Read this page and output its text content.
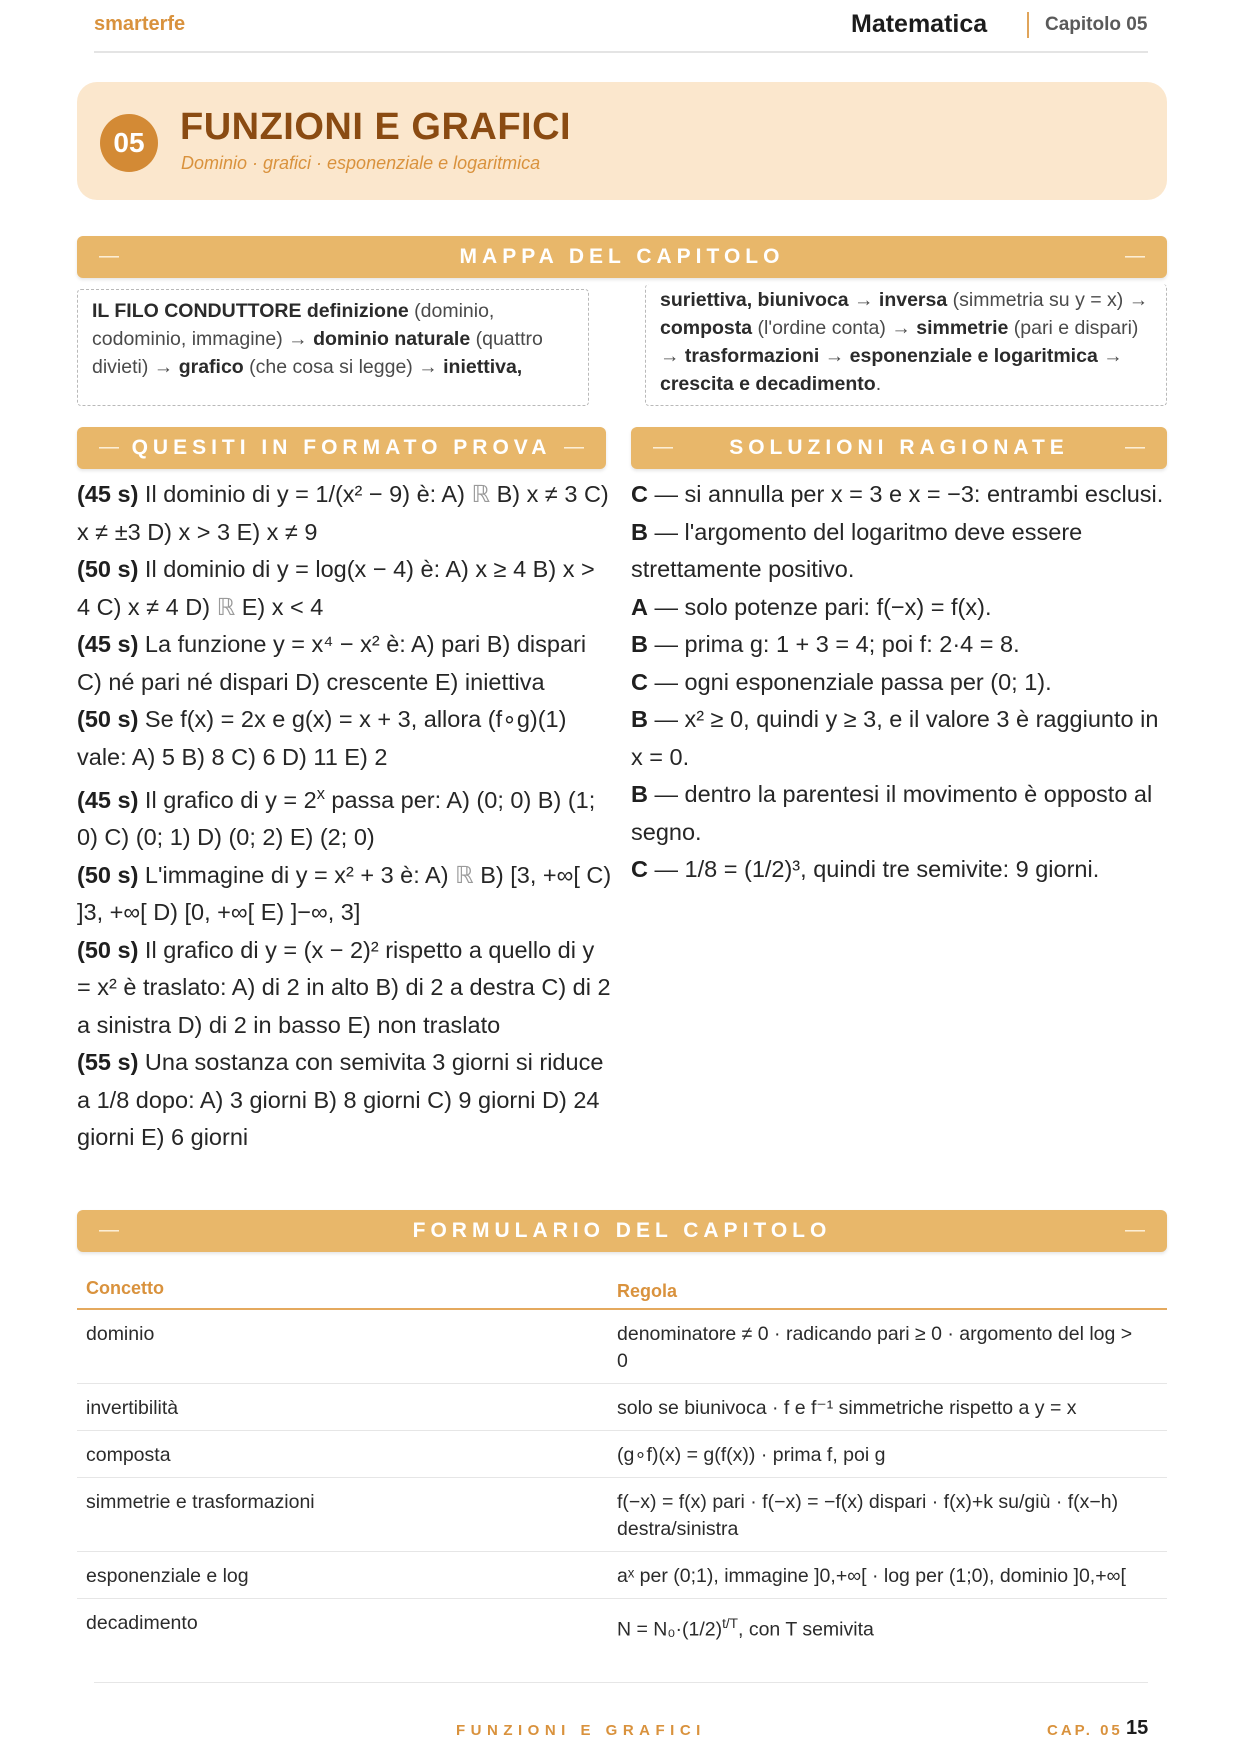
smarterfe	Matematica	Capitolo 05
05 FUNZIONI E GRAFICI
Dominio · grafici · esponenziale e logaritmica
—	MAPPA DEL CAPITOLO	—
IL FILO CONDUTTORE definizione (dominio, codominio, immagine) → dominio naturale (quattro divieti) → grafico (che cosa si legge) → iniettiva,
suriettiva, biunivoca → inversa (simmetria su y = x) → composta (l'ordine conta) → simmetrie (pari e dispari) → trasformazioni → esponenziale e logaritmica → crescita e decadimento.
— QUESITI IN FORMATO PROVA —	—	SOLUZIONI RAGIONATE	—

(45 s) Il dominio di y = 1/(x² − 9) è: A) ℝ B) x ≠ 3 C) x ≠ ±3 D) x > 3 E) x ≠ 9

(50 s) Il dominio di y = log(x − 4) è: A) x ≥ 4 B) x > 4 C) x ≠ 4 D) ℝ E) x < 4

(45 s) La funzione y = x⁴ − x² è: A) pari B) dispari C) né pari né dispari D) crescente E) iniettiva

(50 s) Se f(x) = 2x e g(x) = x + 3, allora (f∘g)(1) vale: A) 5 B) 8 C) 6 D) 11 E) 2

(45 s) Il grafico di $y = 2^x$ passa per: A) (0; 0) B) (1; 0) C) (0; 1) D) (0; 2) E) (2; 0)

(50 s) L'immagine di y = x² + 3 è: A) ℝ B) [3, +∞[ C) ]3, +∞[ D) [0, +∞[ E) ]−∞, 3]

(50 s) Il grafico di y = (x − 2)² rispetto a quello di y = x² è traslato: A) di 2 in alto B) di 2 a destra C) di 2 a sinistra D) di 2 in basso E) non traslato

(55 s) Una sostanza con semivita 3 giorni si riduce a 1/8 dopo: A) 3 giorni B) 8 giorni C) 9 giorni D) 24 giorni E) 6 giorni

C — si annulla per x = 3 e x = −3: entrambi esclusi.

B — l'argomento del logaritmo deve essere strettamente positivo.

A — solo potenze pari: f(−x) = f(x).

B — prima g: 1 + 3 = 4; poi f: 2·4 = 8.

C — ogni esponenziale passa per (0; 1).

B — x² ≥ 0, quindi y ≥ 3, e il valore 3 è raggiunto in x = 0.

B — dentro la parentesi il movimento è opposto al segno.

C — 1/8 = (1/2)³, quindi tre semivite: 9 giorni.

—	FORMULARIO DEL CAPITOLO	—
Concetto	Regola
dominio	denominatore ≠ 0 · radicando pari ≥ 0 · argomento del log > 0
invertibilità	solo se biunivoca · f e f⁻¹ simmetriche rispetto a y = x
composta	(g∘f)(x) = g(f(x)) · prima f, poi g
simmetrie e trasformazioni	f(−x) = f(x) pari · f(−x) = −f(x) dispari · f(x)+k su/giù · f(x−h) destra/sinistra
esponenziale e log	aˣ per (0;1), immagine ]0,+∞[ · log per (1;0), dominio ]0,+∞[
decadimento	$N = N_0\cdot(1/2)^{t/T}$, con T semivita
FUNZIONI E GRAFICI	CAP. 05 15
